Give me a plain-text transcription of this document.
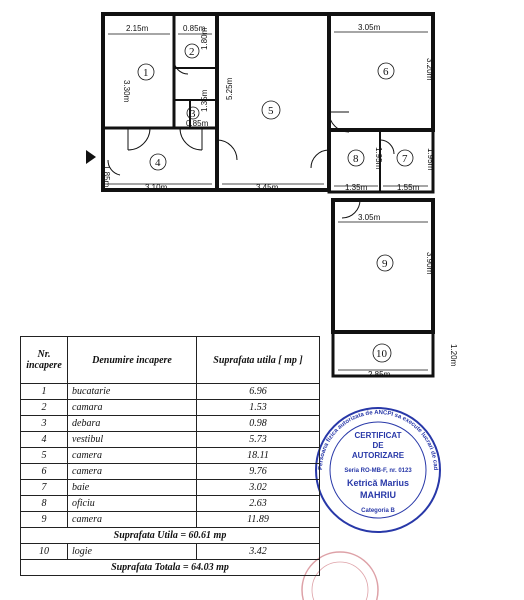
2.15m	0.85m
1.80m
3.30m	5.25m
1.35m
0.85m
1.85m
3.10m	3.45m
3.05m
3.20m
1.95m	1.95m
1.35m	1.55m
3.05m
3.90m
2.85m
1.20m
1
2
3
4
5
6
7
8
9
10
Persoana fizica autorizata de ANCPI sa execute lucrari de cad
CERTIFICAT
DE
AUTORIZARE
Seria RO-MB-F, nr. 0123
Ketrică Marius
MAHRIU
Categoria B
Nr. incapere	Denumire incapere	Suprafata utila [ mp ]
1	bucatarie	6.96
2	camara	1.53
3	debara	0.98
4	vestibul	5.73
5	camera	18.11
6	camera	9.76
7	baie	3.02
8	oficiu	2.63
9	camera	11.89
Suprafata Utila = 60.61 mp		
10	logie	3.42
Suprafata Totala = 64.03 mp		
